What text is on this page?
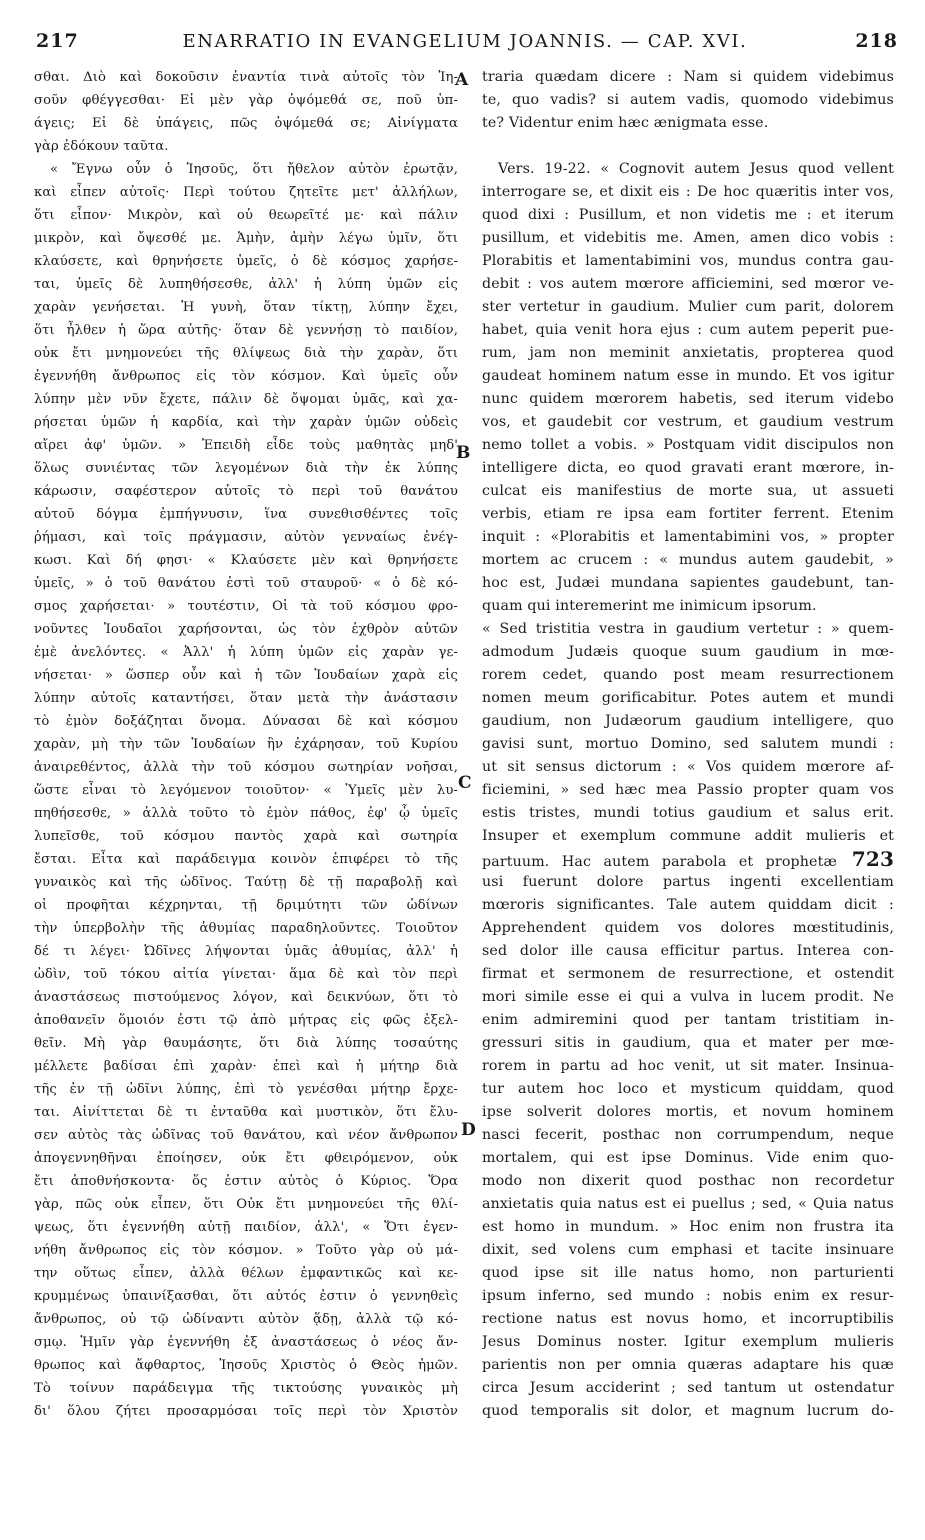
217	ENARRATIO IN EVANGELIUM JOANNIS. — CAP. XVI.	218
σθαι. Διὸ καὶ δοκοῦσιν ἐναντία τινὰ αὐτοῖς τὸν Ἰη-
σοῦν φθέγγεσθαι· Εἰ μὲν γὰρ ὀψόμεθά σε, ποῦ ὑπ-
άγεις; Εἰ δὲ ὑπάγεις, πῶς ὀψόμεθά σε; Αἰνίγματα
γὰρ ἐδόκουν ταῦτα.
« Ἔγνω οὖν ὁ Ἰησοῦς, ὅτι ἤθελον αὐτὸν ἐρωτᾷν,
καὶ εἶπεν αὐτοῖς· Περὶ τούτου ζητεῖτε μετ' ἀλλήλων,
ὅτι εἶπον· Μικρὸν, καὶ οὐ θεωρεῖτέ με· καὶ πάλιν
μικρὸν, καὶ ὄψεσθέ με. Ἀμὴν, ἀμὴν λέγω ὑμῖν, ὅτι
κλαύσετε, καὶ θρηνήσετε ὑμεῖς, ὁ δὲ κόσμος χαρήσε-
ται, ὑμεῖς δὲ λυπηθήσεσθε, ἀλλ' ἡ λύπη ὑμῶν εἰς
χαρὰν γενήσεται. Ἡ γυνὴ, ὅταν τίκτῃ, λύπην ἔχει,
ὅτι ἦλθεν ἡ ὥρα αὐτῆς· ὅταν δὲ γεννήσῃ τὸ παιδίον,
οὐκ ἔτι μνημονεύει τῆς θλίψεως διὰ τὴν χαρὰν, ὅτι
ἐγεννήθη ἄνθρωπος εἰς τὸν κόσμον. Καὶ ὑμεῖς οὖν
λύπην μὲν νῦν ἔχετε, πάλιν δὲ ὄψομαι ὑμᾶς, καὶ χα-
ρήσεται ὑμῶν ἡ καρδία, καὶ τὴν χαρὰν ὑμῶν οὐδεὶς
αἴρει ἀφ' ὑμῶν. » Ἐπειδὴ εἶδε τοὺς μαθητὰς μηδ'
ὅλως συνιέντας τῶν λεγομένων διὰ τὴν ἐκ λύπης
κάρωσιν, σαφέστερον αὐτοῖς τὸ περὶ τοῦ θανάτου
αὐτοῦ δόγμα ἐμπήγνυσιν, ἵνα συνεθισθέντες τοῖς
ῥήμασι, καὶ τοῖς πράγμασιν, αὐτὸν γενναίως ἐνέγ-
κωσι. Καὶ δή φησι· « Κλαύσετε μὲν καὶ θρηνήσετε
ὑμεῖς, » ὁ τοῦ θανάτου ἐστὶ τοῦ σταυροῦ· « ὁ δὲ κό-
σμος χαρήσεται· » τουτέστιν, Οἱ τὰ τοῦ κόσμου φρο-
νοῦντες Ἰουδαῖοι χαρήσονται, ὡς τὸν ἐχθρὸν αὐτῶν
ἐμὲ ἀνελόντες. « Ἀλλ' ἡ λύπη ὑμῶν εἰς χαρὰν γε-
νήσεται· » ὥσπερ οὖν καὶ ἡ τῶν Ἰουδαίων χαρὰ εἰς
λύπην αὐτοῖς καταντήσει, ὅταν μετὰ τὴν ἀνάστασιν
τὸ ἐμὸν δοξάζηται ὄνομα. Δύνασαι δὲ καὶ κόσμου
χαρὰν, μὴ τὴν τῶν Ἰουδαίων ἣν ἐχάρησαν, τοῦ Κυρίου
ἀναιρεθέντος, ἀλλὰ τὴν τοῦ κόσμου σωτηρίαν νοῆσαι,
ὥστε εἶναι τὸ λεγόμενον τοιοῦτον· « Ὑμεῖς μὲν λυ-
πηθήσεσθε, » ἀλλὰ τοῦτο τὸ ἐμὸν πάθος, ἐφ' ᾧ ὑμεῖς
λυπεῖσθε, τοῦ κόσμου παντὸς χαρὰ καὶ σωτηρία
ἔσται. Εἶτα καὶ παράδειγμα κοινὸν ἐπιφέρει τὸ τῆς
γυναικὸς καὶ τῆς ὠδῖνος. Ταύτῃ δὲ τῇ παραβολῇ καὶ
οἱ προφῆται κέχρηνται, τῇ δριμύτητι τῶν ὠδίνων
τὴν ὑπερβολὴν τῆς ἀθυμίας παραδηλοῦντες. Τοιοῦτον
δέ τι λέγει· Ὠδῖνες λήψονται ὑμᾶς ἀθυμίας, ἀλλ' ἡ
ὠδὶν, τοῦ τόκου αἰτία γίνεται· ἅμα δὲ καὶ τὸν περὶ
ἀναστάσεως πιστούμενος λόγον, καὶ δεικνύων, ὅτι τὸ
ἀποθανεῖν ὅμοιόν ἐστι τῷ ἀπὸ μήτρας εἰς φῶς ἐξελ-
θεῖν. Μὴ γὰρ θαυμάσητε, ὅτι διὰ λύπης τοσαύτης
μέλλετε βαδίσαι ἐπὶ χαρὰν· ἐπεὶ καὶ ἡ μήτηρ διὰ
τῆς ἐν τῇ ὠδῖνι λύπης, ἐπὶ τὸ γενέσθαι μήτηρ ἔρχε-
ται. Αἰνίττεται δὲ τι ἐνταῦθα καὶ μυστικὸν, ὅτι ἔλυ-
σεν αὐτὸς τὰς ὠδῖνας τοῦ θανάτου, καὶ νέον ἄνθρωπον
ἀπογεννηθῆναι ἐποίησεν, οὐκ ἔτι φθειρόμενον, οὐκ
ἔτι ἀποθνήσκοντα· ὅς ἐστιν αὐτὸς ὁ Κύριος. Ὅρα
γὰρ, πῶς οὐκ εἶπεν, ὅτι Οὐκ ἔτι μνημονεύει τῆς θλί-
ψεως, ὅτι ἐγεννήθη αὐτῇ παιδίον, ἀλλ', « Ὅτι ἐγεν-
νήθη ἄνθρωπος εἰς τὸν κόσμον. » Τοῦτο γὰρ οὐ μά-
την οὕτως εἶπεν, ἀλλὰ θέλων ἐμφαντικῶς καὶ κε-
κρυμμένως ὑπαινίξασθαι, ὅτι αὐτός ἐστιν ὁ γεννηθεὶς
ἄνθρωπος, οὐ τῷ ὠδίναντι αὐτὸν ᾅδῃ, ἀλλὰ τῷ κό-
σμῳ. Ἡμῖν γὰρ ἐγεννήθη ἐξ ἀναστάσεως ὁ νέος ἄν-
θρωπος καὶ ἄφθαρτος, Ἰησοῦς Χριστὸς ὁ Θεὸς ἡμῶν.
Τὸ τοίνυν παράδειγμα τῆς τικτούσης γυναικὸς μὴ
δι' ὅλου ζήτει προσαρμόσαι τοῖς περὶ τὸν Χριστὸν
traria quædam dicere : Nam si quidem videbimus
te, quo vadis? si autem vadis, quomodo videbimus
te? Videntur enim hæc ænigmata esse.
Vers. 19-22. « Cognovit autem Jesus quod vellent
interrogare se, et dixit eis : De hoc quæritis inter vos,
quod dixi : Pusillum, et non videtis me : et iterum
pusillum, et videbitis me. Amen, amen dico vobis :
Plorabitis et lamentabimini vos, mundus contra gau-
debit : vos autem mœrore afficiemini, sed mœror ve-
ster vertetur in gaudium. Mulier cum parit, dolorem
habet, quia venit hora ejus : cum autem peperit pue-
rum, jam non meminit anxietatis, propterea quod
gaudeat hominem natum esse in mundo. Et vos igitur
nunc quidem mœrorem habetis, sed iterum videbo
vos, et gaudebit cor vestrum, et gaudium vestrum
nemo tollet a vobis. » Postquam vidit discipulos non
intelligere dicta, eo quod gravati erant mœrore, in-
culcat eis manifestius de morte sua, ut assueti
verbis, etiam re ipsa eam fortiter ferrent. Etenim
inquit : «Plorabitis et lamentabimini vos, » propter
mortem ac crucem : « mundus autem gaudebit, »
hoc est, Judæi mundana sapientes gaudebunt, tan-
quam qui interemerint me inimicum ipsorum.
« Sed tristitia vestra in gaudium vertetur : » quem-
admodum Judæis quoque suum gaudium in mœ-
rorem cedet, quando post meam resurrectionem
nomen meum gorificabitur. Potes autem et mundi
gaudium, non Judæorum gaudium intelligere, quo
gavisi sunt, mortuo Domino, sed salutem mundi :
ut sit sensus dictorum : « Vos quidem mœrore af-
ficiemini, » sed hæc mea Passio propter quam vos
estis tristes, mundi totius gaudium et salus erit.
Insuper et exemplum commune addit mulieris et
partuum. Hac autem parabola et prophetæ 723
usi fuerunt dolore partus ingenti excellentiam
mœroris significantes. Tale autem quiddam dicit :
Apprehendent quidem vos dolores mœstitudinis,
sed dolor ille causa efficitur partus. Interea con-
firmat et sermonem de resurrectione, et ostendit
mori simile esse ei qui a vulva in lucem prodit. Ne
enim admiremini quod per tantam tristitiam in-
gressuri sitis in gaudium, qua et mater per mœ-
rorem in partu ad hoc venit, ut sit mater. Insinua-
tur autem hoc loco et mysticum quiddam, quod
ipse solverit dolores mortis, et novum hominem
nasci fecerit, posthac non corrumpendum, neque
mortalem, qui est ipse Dominus. Vide enim quo-
modo non dixerit quod posthac non recordetur
anxietatis quia natus est ei puellus ; sed, « Quia natus
est homo in mundum. » Hoc enim non frustra ita
dixit, sed volens cum emphasi et tacite insinuare
quod ipse sit ille natus homo, non parturienti
ipsum inferno, sed mundo : nobis enim ex resur-
rectione natus est novus homo, et incorruptibilis
Jesus Dominus noster. Igitur exemplum mulieris
parientis non per omnia quæras adaptare his quæ
circa Jesum acciderint ; sed tantum ut ostendatur
quod temporalis sit dolor, et magnum lucrum do-
A
B
C
D
